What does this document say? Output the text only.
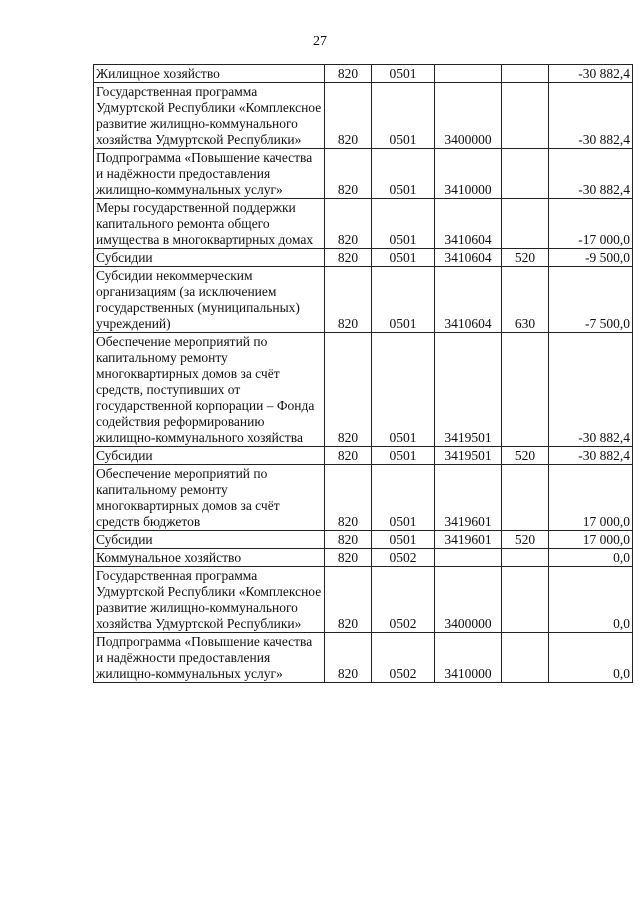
27
Жилищное хозяйство	820	0501			-30 882,4
Государственная программа Удмуртской Республики «Комплексное развитие жилищно-коммунального хозяйства Удмуртской Республики»	820	0501	3400000		-30 882,4
Подпрограмма «Повышение качества и надёжности предоставления жилищно-коммунальных услуг»	820	0501	3410000		-30 882,4
Меры государственной поддержки капитального ремонта общего имущества в многоквартирных домах	820	0501	3410604		-17 000,0
Субсидии	820	0501	3410604	520	-9 500,0
Субсидии некоммерческим организациям (за исключением государственных (муниципальных) учреждений)	820	0501	3410604	630	-7 500,0
Обеспечение мероприятий по капитальному ремонту многоквартирных домов за счёт средств, поступивших от государственной корпорации – Фонда содействия реформированию жилищно-коммунального хозяйства	820	0501	3419501		-30 882,4
Субсидии	820	0501	3419501	520	-30 882,4
Обеспечение мероприятий по капитальному ремонту многоквартирных домов за счёт средств бюджетов	820	0501	3419601		17 000,0
Субсидии	820	0501	3419601	520	17 000,0
Коммунальное хозяйство	820	0502			0,0
Государственная программа Удмуртской Республики «Комплексное развитие жилищно-коммунального хозяйства Удмуртской Республики»	820	0502	3400000		0,0
Подпрограмма «Повышение качества и надёжности предоставления жилищно-коммунальных услуг»	820	0502	3410000		0,0
